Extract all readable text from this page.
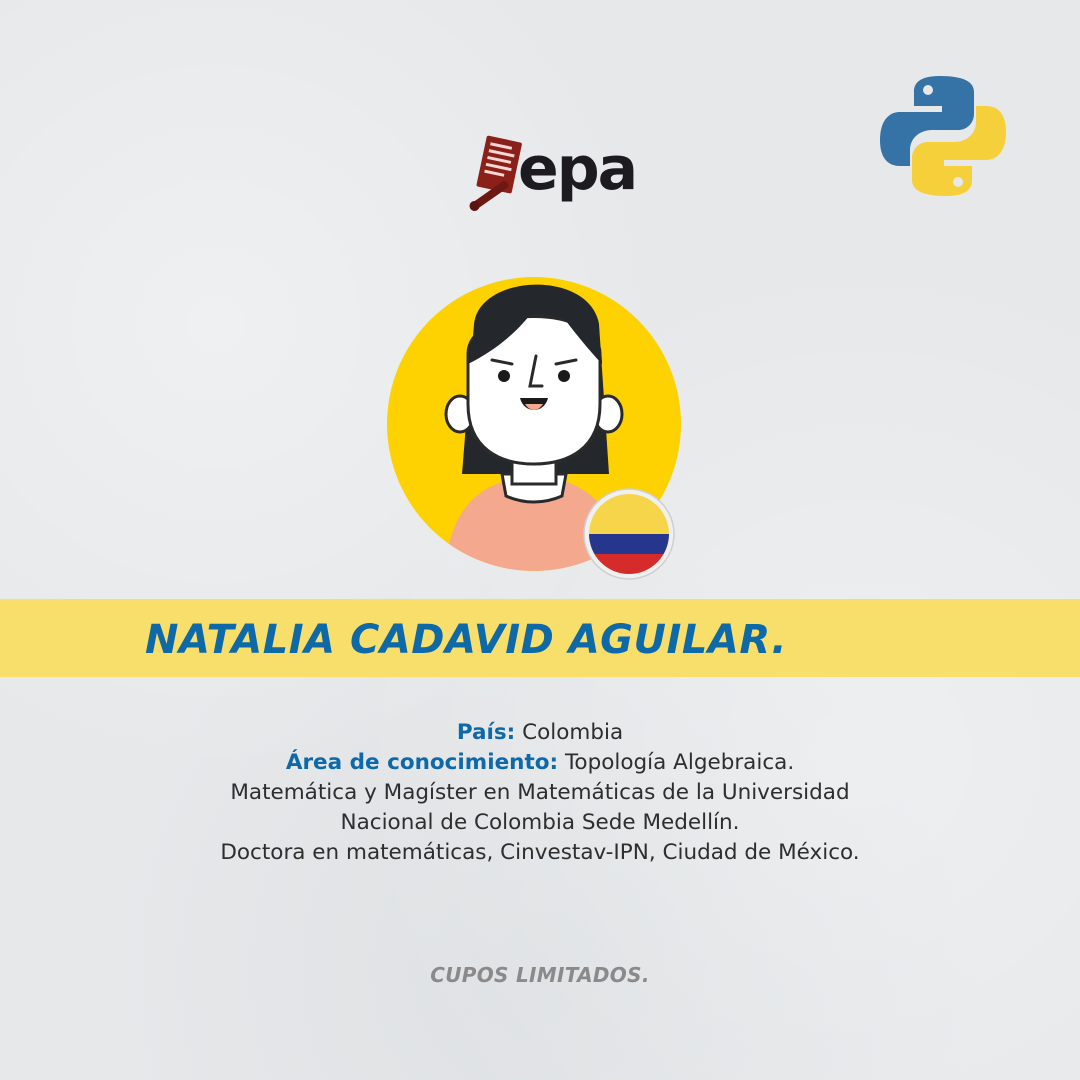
epa
NATALIA CADAVID AGUILAR.
País: Colombia
Área de conocimiento: Topología Algebraica.
Matemática y Magíster en Matemáticas de la Universidad
Nacional de Colombia Sede Medellín.
Doctora en matemáticas, Cinvestav-IPN, Ciudad de México.
CUPOS LIMITADOS.
